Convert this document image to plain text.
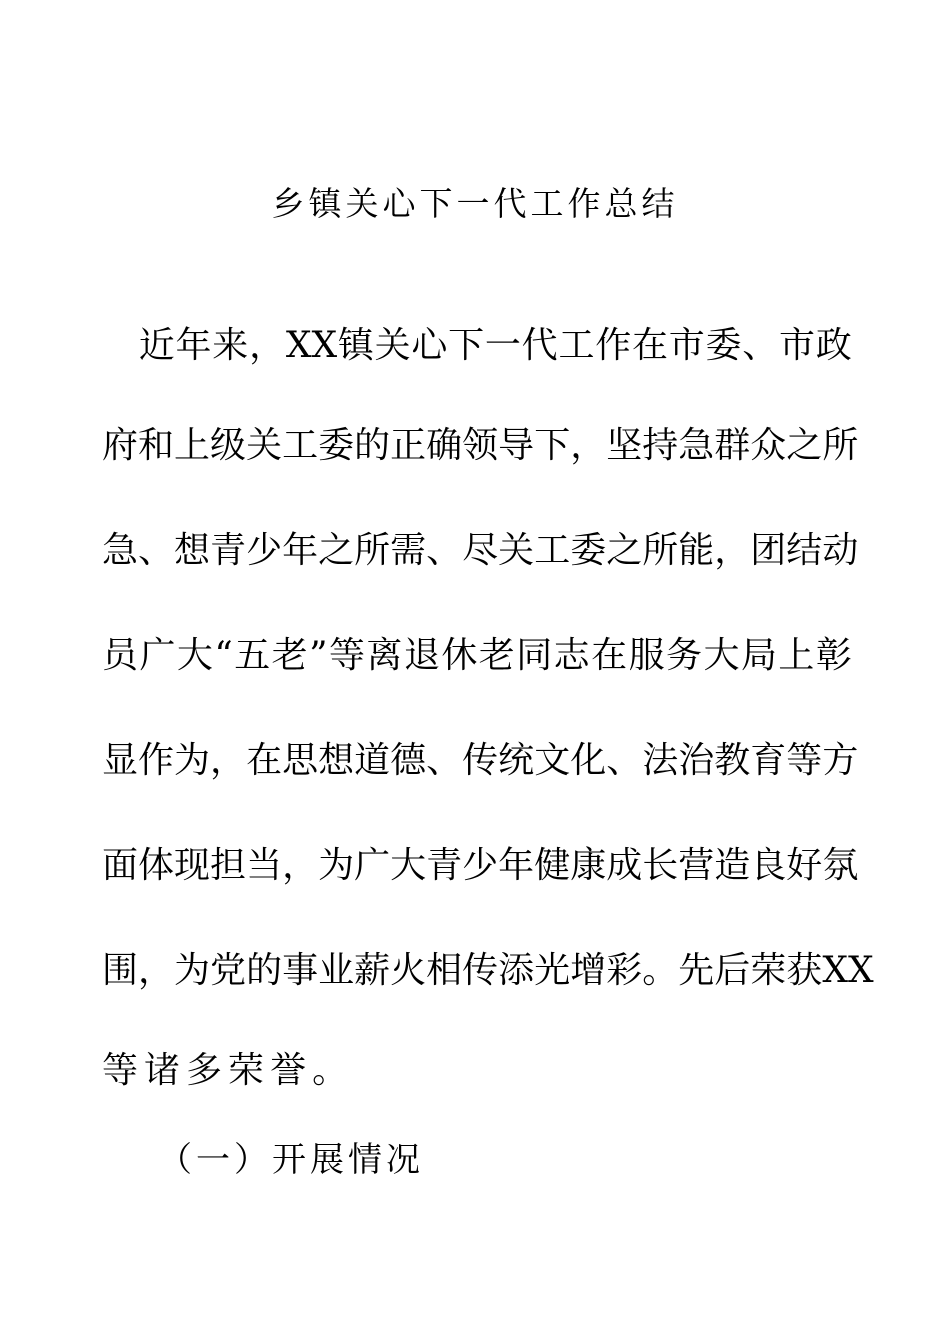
乡镇关心下一代工作总结

近 年 来 ， XX 镇 关 心 下 一 代 工 作 在 市 委 、 市 政
府 和 上 级 关 工 委 的 正 确 领 导 下 ， 坚 持 急 群 众 之 所
急 、 想 青 少 年 之 所 需 、 尽 关 工 委 之 所 能 ， 团 结 动
员 广 大 “ 五 老 ” 等 离 退 休 老 同 志 在 服 务 大 局 上 彰
显 作 为 ， 在 思 想 道 德 、 传 统 文 化 、 法 治 教 育 等 方
面 体 现 担 当 ， 为 广 大 青 少 年 健 康 成 长 营 造 良 好 氛
围 ， 为 党 的 事 业 薪 火 相 传 添 光 增 彩 。 先 后 荣 获 XX
等 诸 多 荣 誉 。
（一）开展情况
